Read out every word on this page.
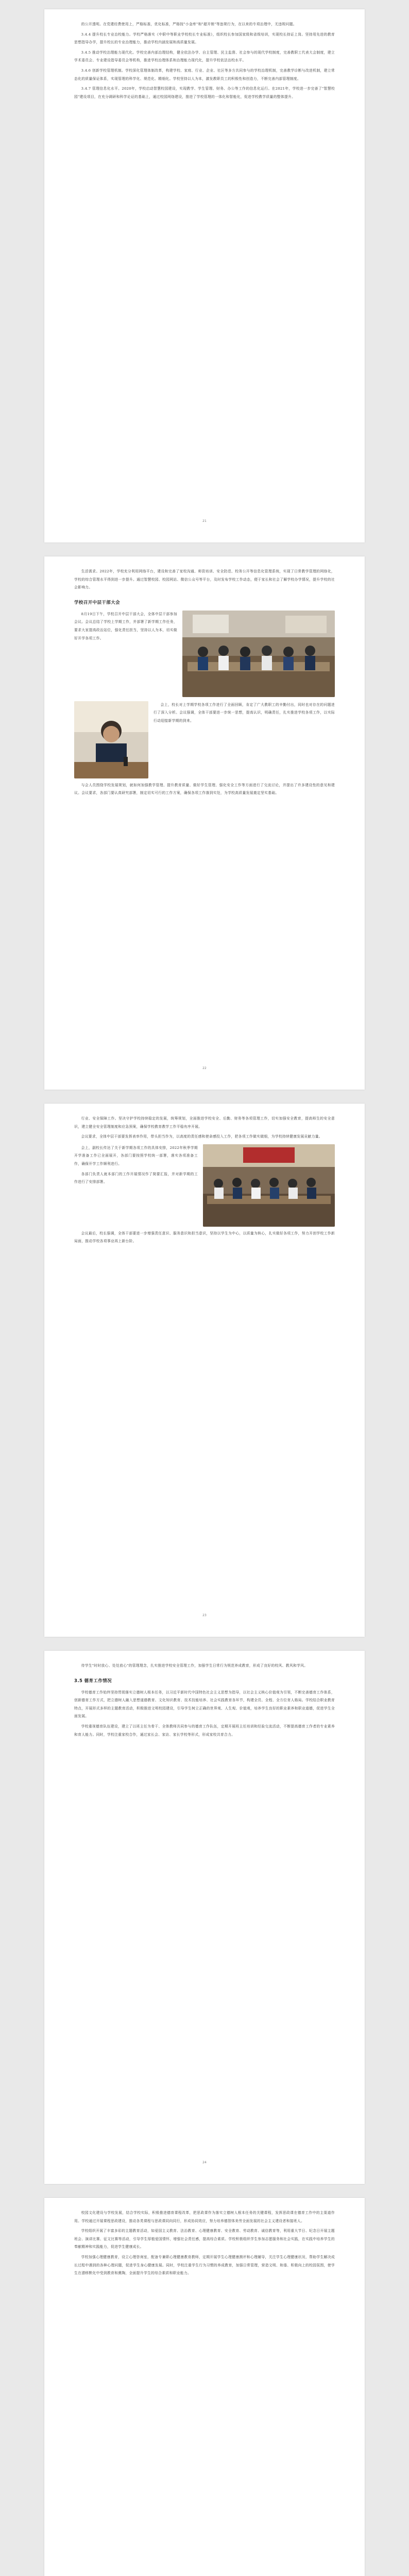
的公开透明。在党建经费使用上，严格标准，优化标准，严格按"小金库"和"超开销"等违规行为，在以来的专项治理中，无违规问题。

3.4.4 提升校长专业治校能力。学校严格落实《中职中等职业学校校长专业标准》，组织校长参加国家级和省级培训，实现校长持证上岗。坚持用先进的教育思想指导办学，提升校长的专业治理能力，推动学校内涵发展和高质量发展。

3.4.5 推动学校治理能力现代化。学校完善内部治理结构，健全依法办学、自主管理、民主监督、社会参与的现代学校制度，完善教职工代表大会制度，建立学术委员会、专业建设指导委员会等机构，推进学校治理体系和治理能力现代化，提升学校依法治校水平。

3.4.6 创新学校管理机制。学校深化管理体制改革，构建学校、家庭、行业、企业、社区等多方共同参与的学校治理机制，完善教学诊断与改进机制，建立常态化的质量保证体系，实现管理的科学化、规范化、精细化。学校坚持以人为本，激发教职员工的积极性和创造力，不断完善内部管理制度。

3.4.7 管理信息化水平。2020年，学校启动智慧校园建设，实现教学、学生管理、财务、办公等工作的信息化运行。在2021年，学校进一步完善了"智慧校园"建设项目，在充分调研和科学论证的基础上，通过校园网络建设，推进了学校管理的一体化和智能化，促进学校教学质量的整体提升。

21

生活需求。2022年，学校充分利用网络平台，建设和完善了家校沟通、师资培训、安全防范、校务公开等信息化管理系统，实现了日常教学管理的网络化，学校的综合管理水平得到进一步提升。通过智慧校园、校园网站、微信公众号等平台，及时发布学校工作动态，便于家长和社会了解学校办学情况，提升学校的社会影响力。

学校召开中层干部大会

8月19日下午，学校召开中层干部大会，全体中层干部参加会议。会议总结了学校上学期工作，并部署了新学期工作任务，要求大家提高政治站位，强化责任担当，坚持以人为本，切实做好开学各项工作。

会上，校长对上学期学校各项工作进行了全面回顾，肯定了广大教职工的辛勤付出，同时也对存在的问题进行了深入分析。会议强调，全体干部要进一步统一思想，提高认识，明确责任，扎实推进学校各项工作，以实际行动迎接新学期的到来。

与会人员围绕学校发展规划，就如何加强教学管理、提升教育质量、做好学生管理、强化安全工作等方面进行了交流讨论，并提出了许多建设性的意见和建议。会议要求，各部门要认真研究部署，制定切实可行的工作方案，确保各项工作落到实处，为学校高质量发展奠定坚实基础。

22

行业、安全保障工作。坚决守护学校持续稳定的发展，统筹规划，全面推进学校安全、后勤、财务等各项管理工作，切实加强安全教育，提高师生的安全意识，建立健全安全管理制度和应急预案，确保学校教育教学工作平稳有序开展。

会议要求，全体中层干部要发挥表率作用，带头担当作为，以高度的责任感和使命感投入工作，把各项工作做实做细，为学校持续健康发展贡献力量。

会上，副校长传达了关于新学期各项工作的具体安排，2022年秋季学期开学准备工作已全面展开，各部门要按照学校统一部署，落实各项准备工作，确保开学工作顺利进行。

各部门负责人就本部门的工作开展情况作了简要汇报，并对新学期的工作进行了安排部署。

会议最后，校长强调，全体干部要进一步增强责任意识、服务意识和担当意识，坚持以学生为中心，以质量为核心，扎实做好各项工作，努力开创学校工作新局面，推动学校各项事业再上新台阶。

23

待学生"时时放心、处处放心"的管理理念，扎实推进学校安全管理工作，加强学生日常行为规范养成教育，形成了良好的校风、教风和学风。

3.5 德育工作情况

学校德育工作始终坚持贯彻落实立德树人根本任务，以习近平新时代中国特色社会主义思想为指导，以社会主义核心价值观为引领，不断完善德育工作体系，创新德育工作方式，把立德树人融入思想道德教育、文化知识教育、技术技能培养、社会实践教育各环节，构建全员、全程、全方位育人格局。学校结合职业教育特点，开展形式多样的主题教育活动，积极推进文明校园建设，引导学生树立正确的世界观、人生观、价值观，培养学生良好的职业素养和职业道德，促进学生全面发展。

学校重视德育队伍建设，建立了以班主任为骨干、全体教师共同参与的德育工作队伍，定期开展班主任培训和经验交流活动，不断提高德育工作者的专业素养和育人能力。同时，学校注重家校合作，通过家长会、家访、家长学校等形式，形成家校共育合力。

24

校园文化建设与学校发展，结合学校实际，积极推进德育课程改革，把思政课作为落实立德树人根本任务的关键课程，发挥思政课在德育工作中的主渠道作用。学校通过开展课程思政建设，推动各类课程与思政课同向同行，形成协同效应，努力培养德智体美劳全面发展的社会主义建设者和接班人。

学校组织开展了丰富多彩的主题教育活动，如爱国主义教育、法治教育、心理健康教育、安全教育、劳动教育、诚信教育等，利用重大节日、纪念日开展主题班会、演讲比赛、征文比赛等活动，引导学生厚植爱国情怀，增强社会责任感，提高综合素质。学校积极组织学生参加志愿服务和社会实践，在实践中培养学生的奉献精神和实践能力，促进学生健康成长。

学校加强心理健康教育，设立心理咨询室，配备专兼职心理健康教育教师，定期开展学生心理健康测评和心理辅导，关注学生心理健康状况，帮助学生解决成长过程中遇到的各种心理问题，促进学生身心健康发展。同时，学校注重学生行为习惯的养成教育，加强日常管理，营造文明、和谐、积极向上的校园氛围，使学生在潜移默化中受到教育和熏陶，全面提升学生的综合素质和职业能力。
